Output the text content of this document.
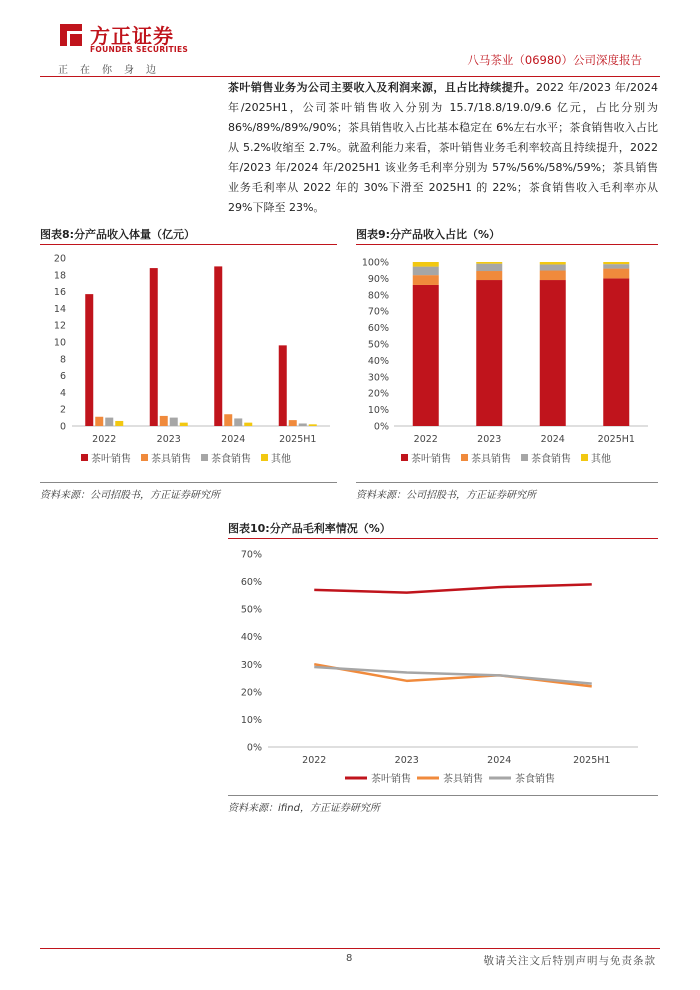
方正证券
FOUNDER SECURITIES
正在你身边
八马茶业（06980）公司深度报告
茶叶销售业务为公司主要收入及利润来源，且占比持续提升。2022 年/2023 年/2024 年/2025H1，公司茶叶销售收入分别为 15.7/18.8/19.0/9.6 亿元，占比分别为 86%/89%/89%/90%；茶具销售收入占比基本稳定在 6%左右水平；茶食销售收入占比从 5.2%收缩至 2.7%。就盈利能力来看，茶叶销售业务毛利率较高且持续提升，2022 年/2023 年/2024 年/2025H1 该业务毛利率分别为 57%/56%/58%/59%；茶具销售业务毛利率从 2022 年的 30%下滑至 2025H1 的 22%；茶食销售收入毛利率亦从 29%下降至 23%。
图表8:分产品收入体量（亿元）
0
2
4
6
8
10
12
14
16
18
20
2022	2023	2024	2025H1
茶叶销售 茶具销售 茶食销售 其他
资料来源：公司招股书，方正证券研究所
图表9:分产品收入占比（%）
0%
10%
20%
30%
40%
50%
60%
70%
80%
90%
100%
2022	2023	2024	2025H1
茶叶销售 茶具销售 茶食销售 其他
资料来源：公司招股书，方正证券研究所
图表10:分产品毛利率情况（%）
0%
10%
20%
30%
40%
50%
60%
70%
2022	2023	2024	2025H1
茶叶销售	茶具销售	茶食销售
资料来源：ifind，方正证券研究所
8	敬请关注文后特别声明与免责条款
